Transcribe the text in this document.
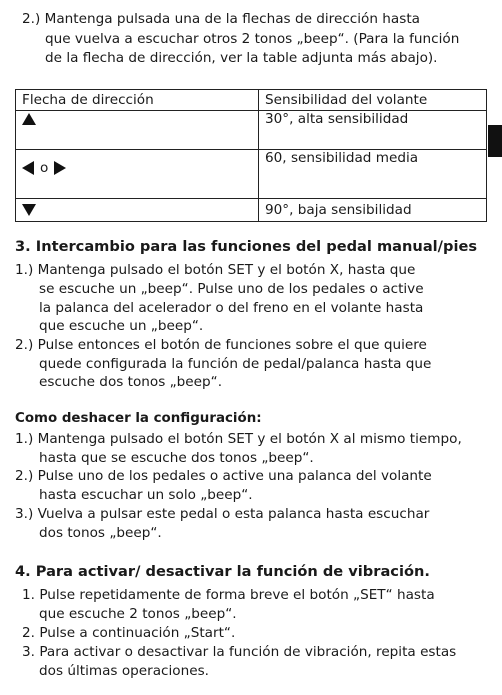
2.) Mantenga pulsada una de la flechas de dirección hasta
que vuelva a escuchar otros 2 tonos „beep“. (Para la función
de la flecha de dirección, ver la table adjunta más abajo).
Flecha de dirección	Sensibilidad del volante
	30°, alta sensibilidad
o	60, sensibilidad media
	90°, baja sensibilidad
3. Intercambio para las funciones del pedal manual/pies
1.) Mantenga pulsado el botón SET y el botón X, hasta que
se escuche un „beep“. Pulse uno de los pedales o active
la palanca del acelerador o del freno en el volante hasta
que escuche un „beep“.
2.) Pulse entonces el botón de funciones sobre el que quiere
quede configurada la función de pedal/palanca hasta que
escuche dos tonos „beep“.
Como deshacer la configuración:
1.) Mantenga pulsado el botón SET y el botón X al mismo tiempo,
hasta que se escuche dos tonos „beep“.
2.) Pulse uno de los pedales o active una palanca del volante
hasta escuchar un solo „beep“.
3.) Vuelva a pulsar este pedal o esta palanca hasta escuchar
dos tonos „beep“.
4. Para activar/ desactivar la función de vibración.
1. Pulse repetidamente de forma breve el botón „SET“ hasta
que escuche 2 tonos „beep“.
2. Pulse a continuación „Start“.
3. Para activar o desactivar la función de vibración, repita estas
dos últimas operaciones.
